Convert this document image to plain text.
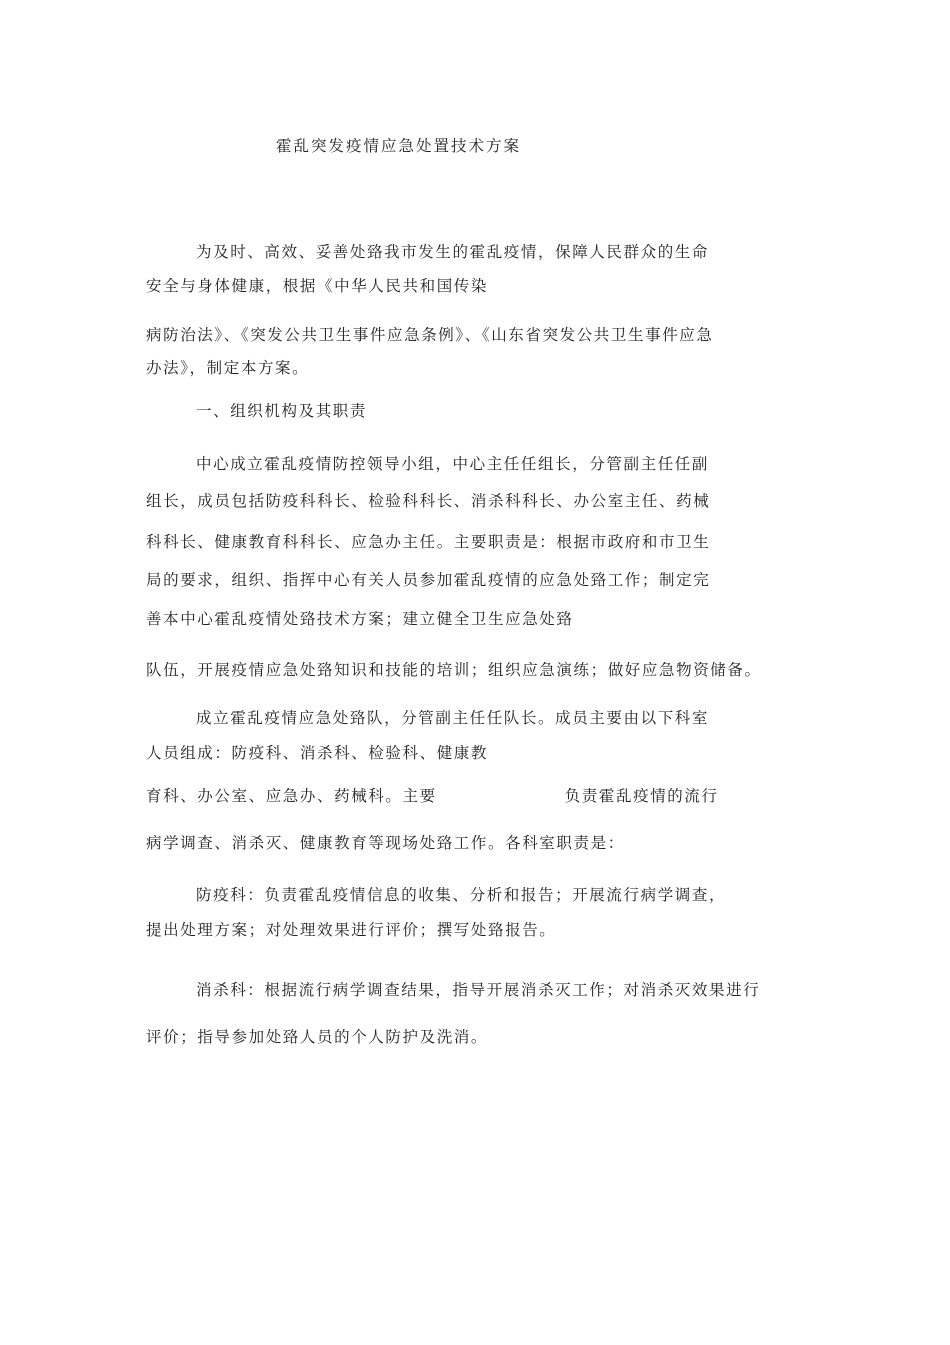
霍乱突发疫情应急处置技术方案
为及时、高效、妥善处臵我市发生的霍乱疫情，保障人民群众的生命
安全与身体健康，根据《中华人民共和国传染
病防治法》、《突发公共卫生事件应急条例》、《山东省突发公共卫生事件应急
办法》，制定本方案。
一、组织机构及其职责
中心成立霍乱疫情防控领导小组，中心主任任组长，分管副主任任副
组长，成员包括防疫科科长、检验科科长、消杀科科长、办公室主任、药械
科科长、健康教育科科长、应急办主任。主要职责是：根据市政府和市卫生
局的要求，组织、指挥中心有关人员参加霍乱疫情的应急处臵工作；制定完
善本中心霍乱疫情处臵技术方案；建立健全卫生应急处臵
队伍，开展疫情应急处臵知识和技能的培训；组织应急演练；做好应急物资储备。
成立霍乱疫情应急处臵队，分管副主任任队长。成员主要由以下科室
人员组成：防疫科、消杀科、检验科、健康教
育科、办公室、应急办、药械科。主要	负责霍乱疫情的流行
病学调查、消杀灭、健康教育等现场处臵工作。各科室职责是：
防疫科：负责霍乱疫情信息的收集、分析和报告；开展流行病学调查，
提出处理方案；对处理效果进行评价；撰写处臵报告。
消杀科：根据流行病学调查结果，指导开展消杀灭工作；对消杀灭效果进行
评价；指导参加处臵人员的个人防护及洗消。
